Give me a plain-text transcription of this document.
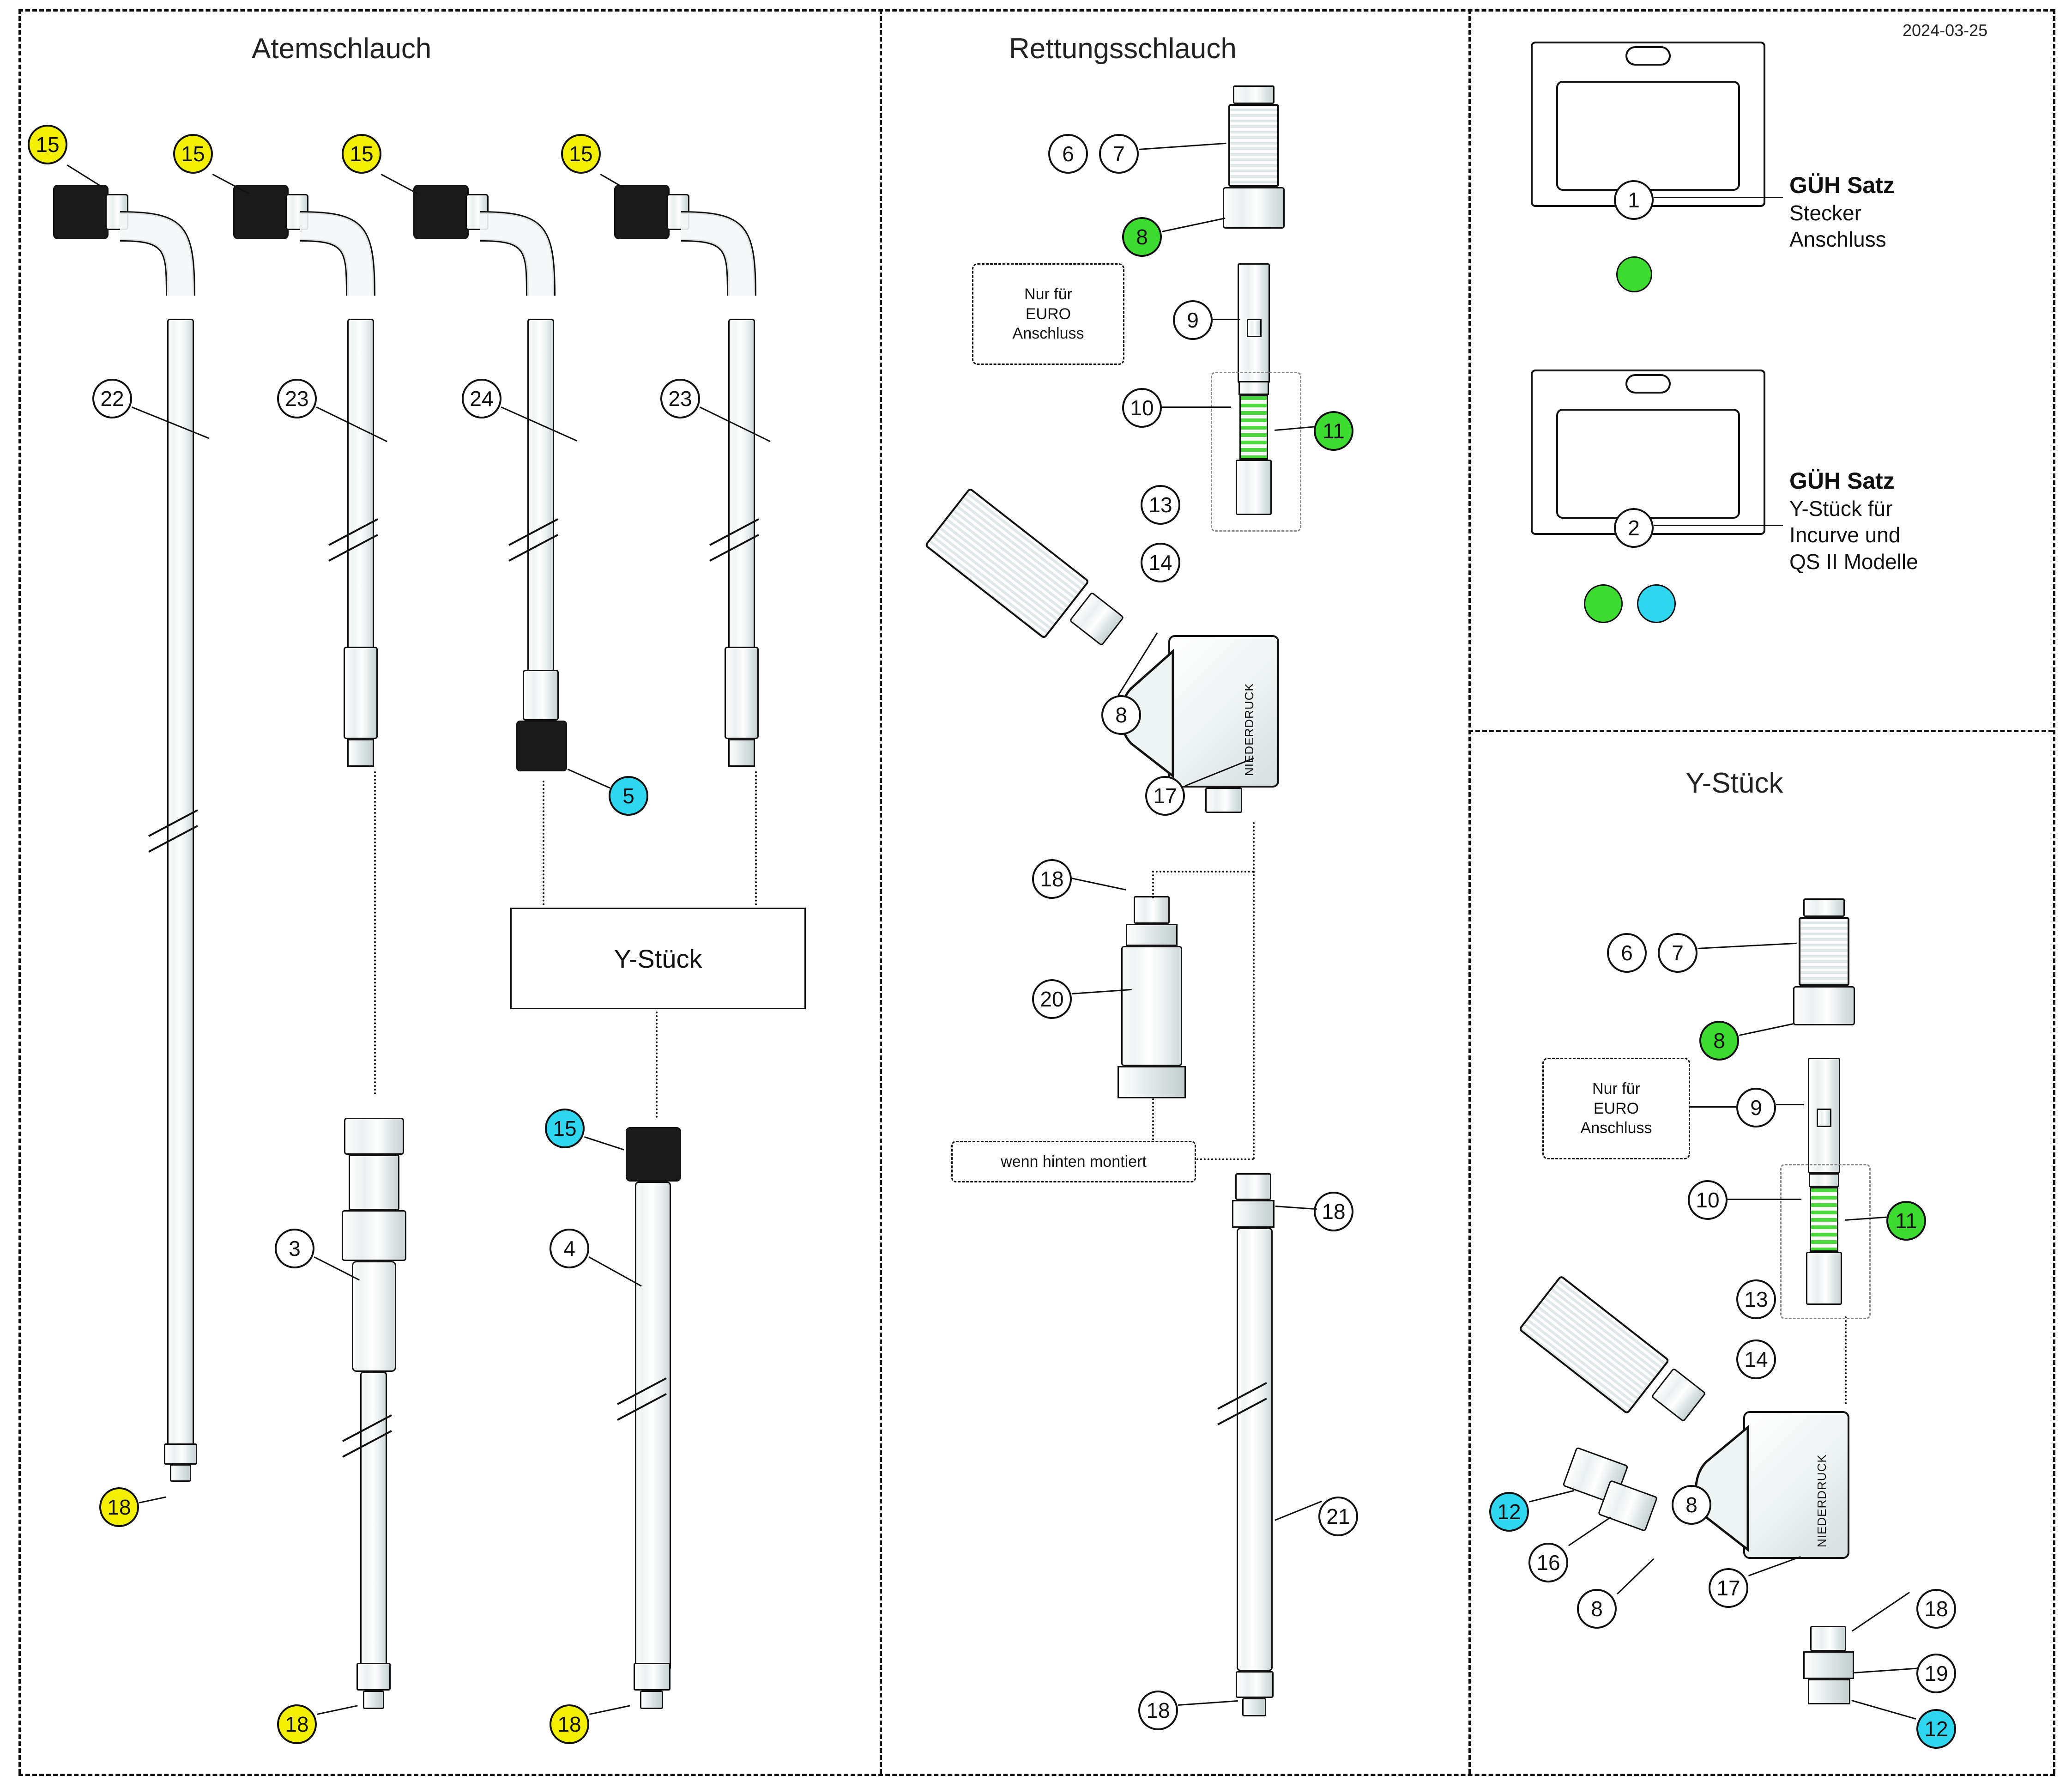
2024-03-25
Atemschlauch
15	15	15	15
22	23	24	23
5
Y-Stück
3	4
15
18
18	18
Rettungsschlauch
6	7
8
9
Nur für
EURO
Anschluss
10
11
NIEDERDRUCK
13
14
8
17
18
20
wenn hinten montiert
18
21
18
1
GÜH Satz
Stecker
Anschluss
2
GÜH Satz
Y-Stück für
Incurve und
QS II Modelle
Y-Stück
6	7
8
9
Nur für
EURO
Anschluss
10
11
NIEDERDRUCK
13
14
12
16
8
8
17
18
19
12
